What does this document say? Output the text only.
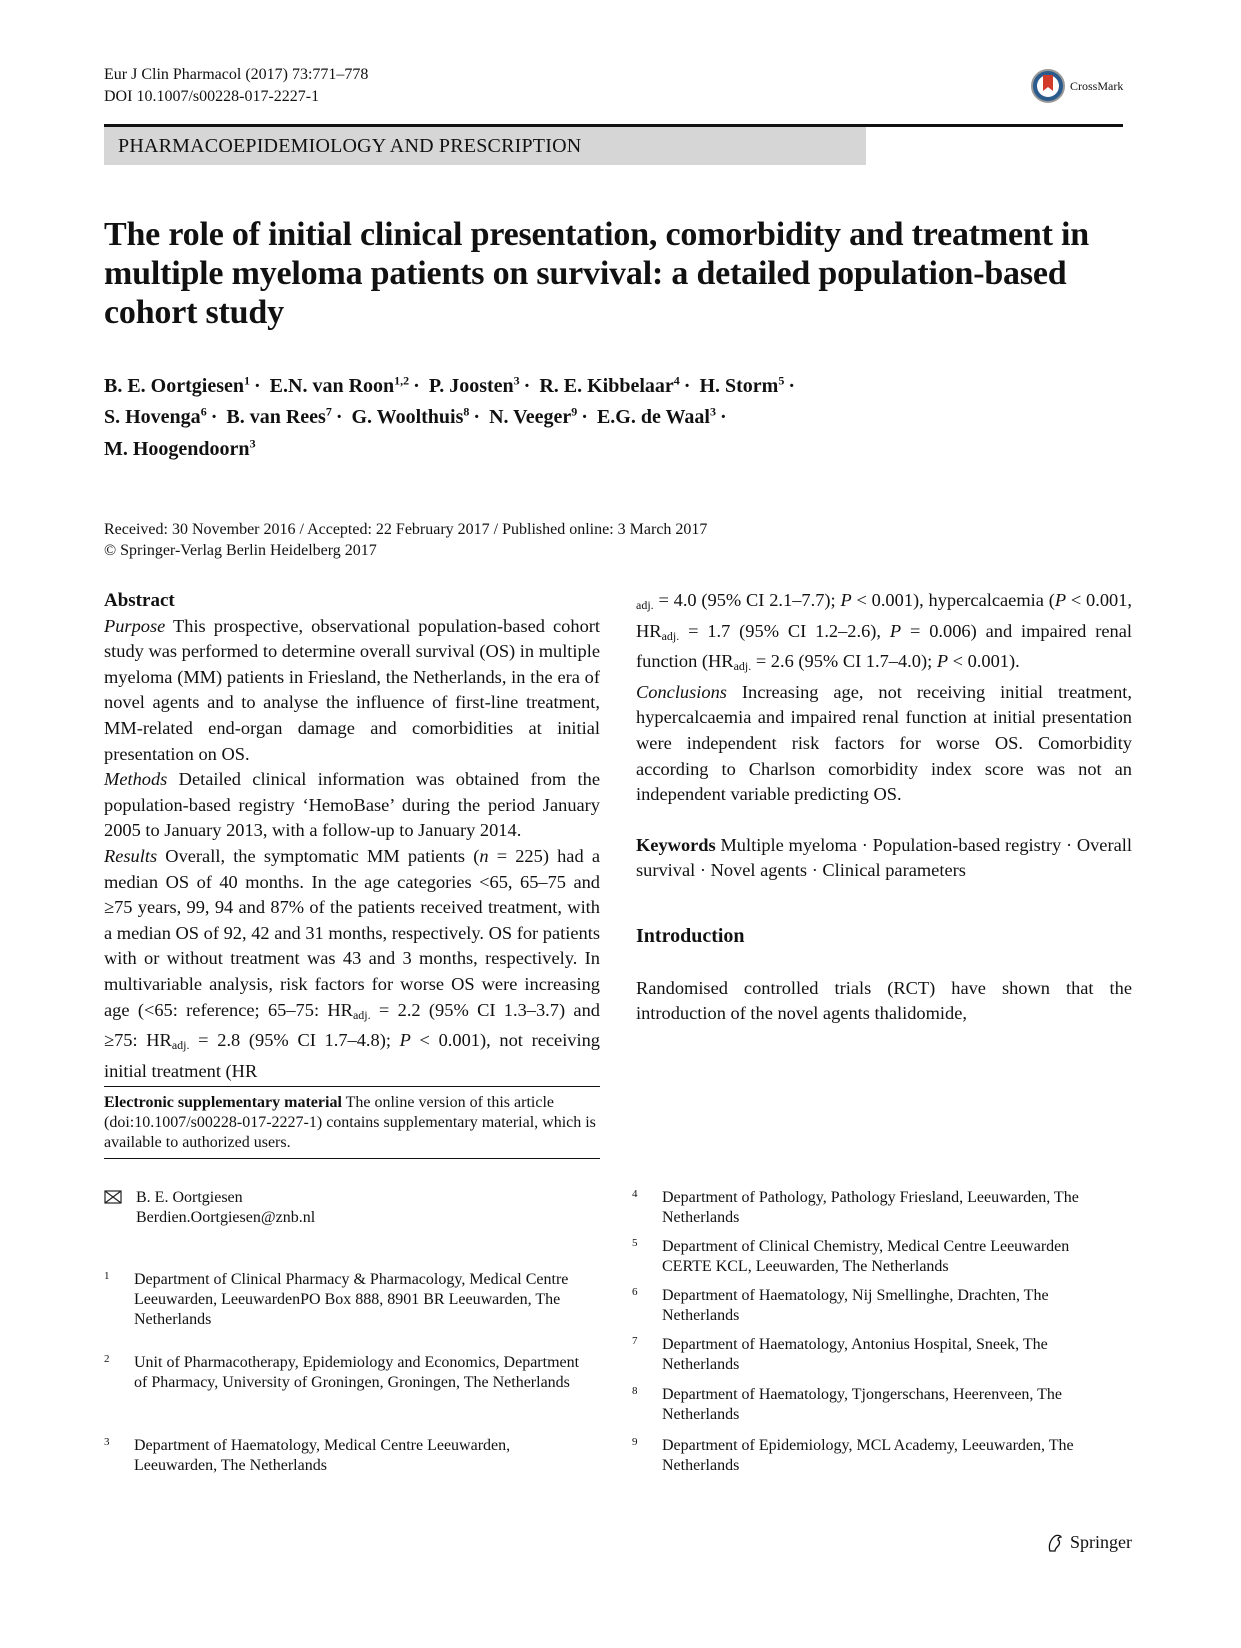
Eur J Clin Pharmacol (2017) 73:771–778
DOI 10.1007/s00228-017-2227-1
CrossMark
PHARMACOEPIDEMIOLOGY AND PRESCRIPTION
The role of initial clinical presentation, comorbidity and treatment in multiple myeloma patients on survival: a detailed population-based cohort study
B. E. Oortgiesen$^1$ · E.N. van Roon$^{1,2}$ · P. Joosten$^3$ · R. E. Kibbelaar$^4$ · H. Storm$^5$ ·
S. Hovenga$^6$ · B. van Rees$^7$ · G. Woolthuis$^8$ · N. Veeger$^9$ · E.G. de Waal$^3$ ·
M. Hoogendoorn$^3$
Received: 30 November 2016 / Accepted: 22 February 2017 / Published online: 3 March 2017
© Springer-Verlag Berlin Heidelberg 2017

Abstract

Purpose This prospective, observational population-based cohort study was performed to determine overall survival (OS) in multiple myeloma (MM) patients in Friesland, the Netherlands, in the era of novel agents and to analyse the influence of first-line treatment, MM-related end-organ damage and comorbidities at initial presentation on OS.

Methods Detailed clinical information was obtained from the population-based registry ‘HemoBase’ during the period January 2005 to January 2013, with a follow-up to January 2014.

Results Overall, the symptomatic MM patients (n = 225) had a median OS of 40 months. In the age categories <65, 65–75 and ≥75 years, 99, 94 and 87% of the patients received treatment, with a median OS of 92, 42 and 31 months, respectively. OS for patients with or without treatment was 43 and 3 months, respectively. In multivariable analysis, risk factors for worse OS were increasing age (<65: reference; 65–75: $HR_{adj.} = 2.2$ (95% CI 1.3–3.7) and ≥75: $HR_{adj.} = 2.8$ (95% CI 1.7–4.8); P < 0.001), not receiving initial treatment (HR

$_{adj.}$ = 4.0 (95% CI 2.1–7.7); P < 0.001), hypercalcaemia (P < 0.001, $HR_{adj.} = 1.7$ (95% CI 1.2–2.6), P = 0.006) and impaired renal function ($HR_{adj.} = 2.6$ (95% CI 1.7–4.0); P < 0.001).

Conclusions Increasing age, not receiving initial treatment, hypercalcaemia and impaired renal function at initial presentation were independent risk factors for worse OS. Comorbidity according to Charlson comorbidity index score was not an independent variable predicting OS.

Keywords Multiple myeloma · Population-based registry · Overall survival · Novel agents · Clinical parameters

Introduction

Randomised controlled trials (RCT) have shown that the introduction of the novel agents thalidomide,

Electronic supplementary material The online version of this article (doi:10.1007/s00228-017-2227-1) contains supplementary material, which is available to authorized users.
B. E. Oortgiesen
Berdien.Oortgiesen@znb.nl
1 Department of Clinical Pharmacy & Pharmacology, Medical Centre Leeuwarden, LeeuwardenPO Box 888, 8901 BR Leeuwarden, The Netherlands
2 Unit of Pharmacotherapy, Epidemiology and Economics, Department of Pharmacy, University of Groningen, Groningen, The Netherlands
3 Department of Haematology, Medical Centre Leeuwarden, Leeuwarden, The Netherlands
4 Department of Pathology, Pathology Friesland, Leeuwarden, The Netherlands
5 Department of Clinical Chemistry, Medical Centre Leeuwarden CERTE KCL, Leeuwarden, The Netherlands
6 Department of Haematology, Nij Smellinghe, Drachten, The Netherlands
7 Department of Haematology, Antonius Hospital, Sneek, The Netherlands
8 Department of Haematology, Tjongerschans, Heerenveen, The Netherlands
9 Department of Epidemiology, MCL Academy, Leeuwarden, The Netherlands
Springer
